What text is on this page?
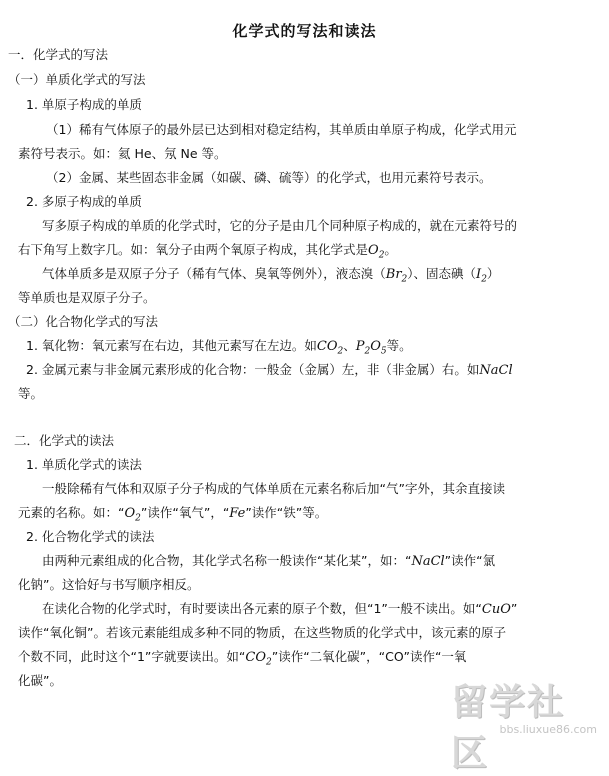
化学式的写法和读法
一．化学式的写法
（一）单质化学式的写法
1. 单原子构成的单质
（1）稀有气体原子的最外层已达到相对稳定结构，其单质由单原子构成，化学式用元
素符号表示。如：氦 He、氖 Ne 等。
（2）金属、某些固态非金属（如碳、磷、硫等）的化学式，也用元素符号表示。
2. 多原子构成的单质
写多原子构成的单质的化学式时，它的分子是由几个同种原子构成的，就在元素符号的
右下角写上数字几。如：氧分子由两个氧原子构成，其化学式是$O_2$。
气体单质多是双原子分子（稀有气体、臭氧等例外），液态溴$(Br_2)$、固态碘$(I_2)$
等单质也是双原子分子。
（二）化合物化学式的写法
1. 氧化物：氧元素写在右边，其他元素写在左边。如$CO_2$、$P_2O_5$等。
2. 金属元素与非金属元素形成的化合物：一般金（金属）左，非（非金属）右。如NaCl
等。
二．化学式的读法
1. 单质化学式的读法
一般除稀有气体和双原子分子构成的气体单质在元素名称后加“气”字外，其余直接读
元素的名称。如：“$O_2$”读作“氧气”，“Fe”读作“铁”等。
2. 化合物化学式的读法
由两种元素组成的化合物，其化学式名称一般读作“某化某”，如：“NaCl”读作“氯
化钠”。这恰好与书写顺序相反。
在读化合物的化学式时，有时要读出各元素的原子个数，但“1”一般不读出。如“CuO”
读作“氧化铜”。若该元素能组成多种不同的物质，在这些物质的化学式中，该元素的原子
个数不同，此时这个“1”字就要读出。如“$CO_2$”读作“二氧化碳”，“CO”读作“一氧
化碳”。
留学社区
bbs.liuxue86.com
